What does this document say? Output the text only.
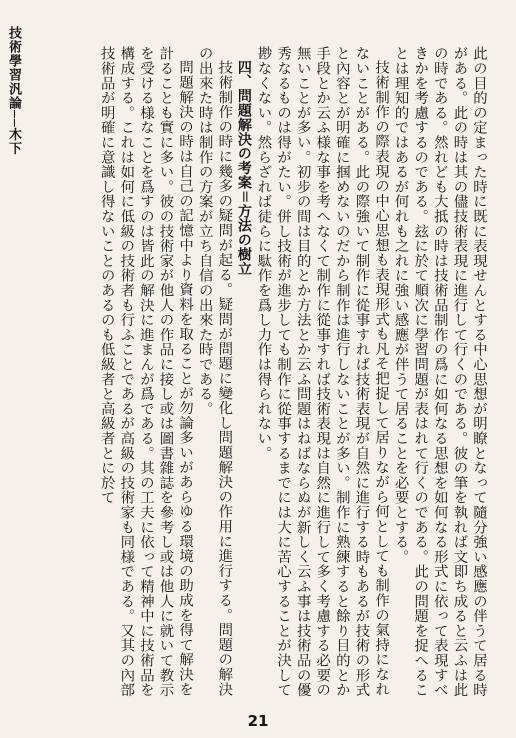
技術學習汎論──木下	此の目的の定まった時に既に表現せんとする中心思想が明瞭となって隨分強い感應の伴うて居る時がある。此の時は其の儘技術表現に進行して行くのである。彼の筆を執れば文即ち成ると云ふは此の時である。然れども大抵の時は技術品制作の爲に如何なる思想を如何なる形式に依って表現すべきかを考慮するのである。玆に於て順次に學習問題が表はれて行くのである。此の問題を捉へることは理知的ではあるが何れも之れに強い感應が伴うて居ることを必要とする。

技術制作の際表現の中心思想も表現形式も凡そ把捉して居りながら何としても制作の氣持になれないことがある。此の際強いて制作に從事すれば技術表現が自然に進行する時もあるが技術の形式と內容とが明確に掴めないのだから制作は進行しないことが多い。制作に熟練すると餘り目的とか手段とか云ふ様な事を考へなくて制作に從事すれば技術表現は自然に進行して多く考慮する必要の無いことが多い。初步の間は目的とか方法とか云ふ問題はねばならぬが新しく云ふ事は技術品の優秀なるものは得がたい。併し技術が進步しても制作に從事するまでには大に苦心することが決して尠なくない。然らざれば徒らに駄作を爲し力作は得られない。

四、問題解決の考案＝方法の樹立

技術制作の時に幾多の疑問が起る。疑問が問題に變化し問題解決の作用に進行する。問題の解決の出來た時は制作の方案が立ち自信の出來た時である。

問題解決の時は自己の記憶中より資料を取ることが勿論多いがあらゆる環境の助成を得て解決を計ることも實に多い。彼の技術家が他人の作品に接し或は圖書雜誌を參考し或は他人に就いて教示を受ける様なことを爲すのは皆此の解決に進まんが爲である。其の工夫に依って精神中に技術品を構成する。これは如何に低級の技術者も行ふことであるが高級の技術家も同様である。又其の內部技術品が明確に意識し得ないことのあるのも低級者と高級者とに於て

21
